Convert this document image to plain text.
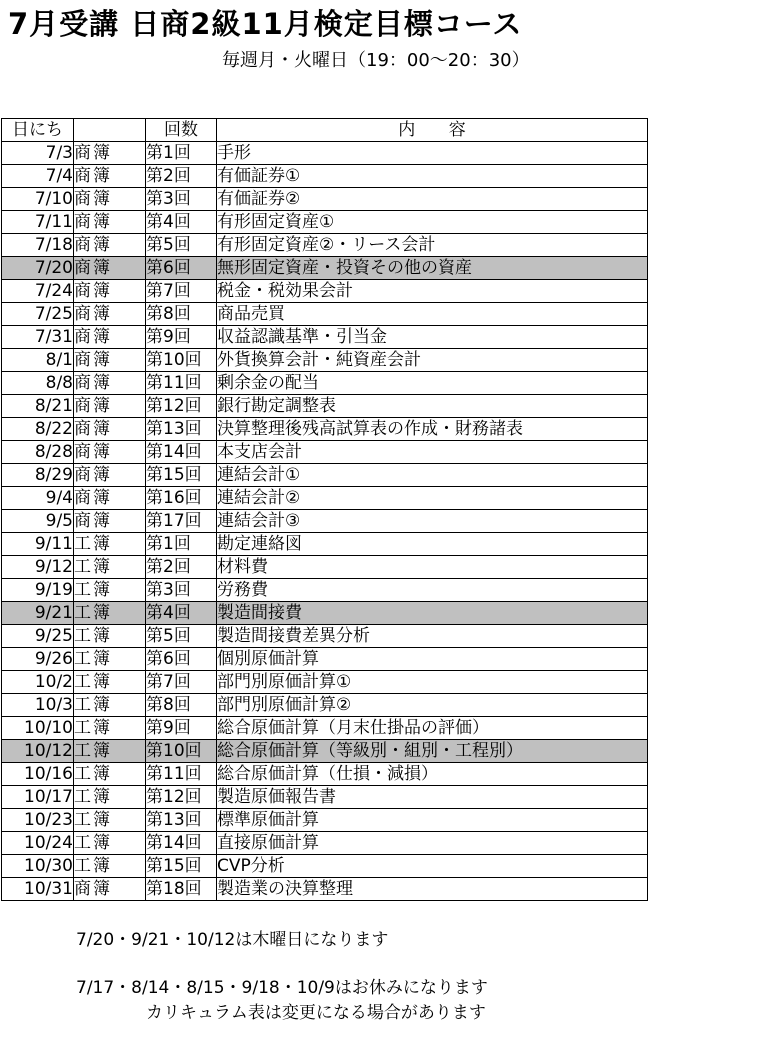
7月受講 日商2級11月検定目標コース
毎週月・火曜日（19：00～20：30）
日にち		回数	内 容
7/3	商簿	第1回	手形
7/4	商簿	第2回	有価証券①
7/10	商簿	第3回	有価証券②
7/11	商簿	第4回	有形固定資産①
7/18	商簿	第5回	有形固定資産②・リース会計
7/20	商簿	第6回	無形固定資産・投資その他の資産
7/24	商簿	第7回	税金・税効果会計
7/25	商簿	第8回	商品売買
7/31	商簿	第9回	収益認識基準・引当金
8/1	商簿	第10回	外貨換算会計・純資産会計
8/8	商簿	第11回	剰余金の配当
8/21	商簿	第12回	銀行勘定調整表
8/22	商簿	第13回	決算整理後残高試算表の作成・財務諸表
8/28	商簿	第14回	本支店会計
8/29	商簿	第15回	連結会計①
9/4	商簿	第16回	連結会計②
9/5	商簿	第17回	連結会計③
9/11	工簿	第1回	勘定連絡図
9/12	工簿	第2回	材料費
9/19	工簿	第3回	労務費
9/21	工簿	第4回	製造間接費
9/25	工簿	第5回	製造間接費差異分析
9/26	工簿	第6回	個別原価計算
10/2	工簿	第7回	部門別原価計算①
10/3	工簿	第8回	部門別原価計算②
10/10	工簿	第9回	総合原価計算（月末仕掛品の評価）
10/12	工簿	第10回	総合原価計算（等級別・組別・工程別）
10/16	工簿	第11回	総合原価計算（仕損・減損）
10/17	工簿	第12回	製造原価報告書
10/23	工簿	第13回	標準原価計算
10/24	工簿	第14回	直接原価計算
10/30	工簿	第15回	CVP分析
10/31	商簿	第18回	製造業の決算整理
7/20・9/21・10/12は木曜日になります
7/17・8/14・8/15・9/18・10/9はお休みになります
カリキュラム表は変更になる場合があります
